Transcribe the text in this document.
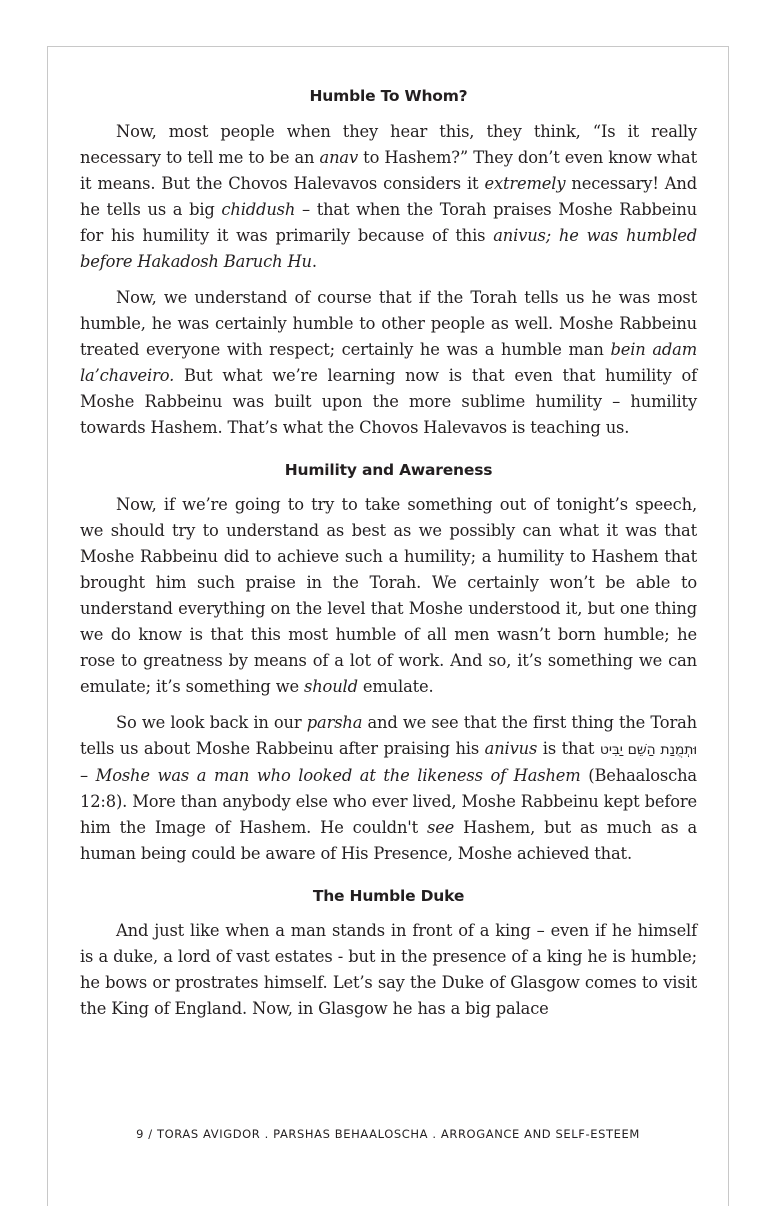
Humble To Whom?

Now, most people when they hear this, they think, “Is it really necessary to tell me to be an anav to Hashem?” They don’t even know what it means. But the Chovos Halevavos considers it extremely necessary! And he tells us a big chiddush – that when the Torah praises Moshe Rabbeinu for his humility it was primarily because of this anivus; he was humbled before Hakadosh Baruch Hu.

Now, we understand of course that if the Torah tells us he was most humble, he was certainly humble to other people as well. Moshe Rabbeinu treated everyone with respect; certainly he was a humble man bein adam la’chaveiro. But what we’re learning now is that even that humility of Moshe Rabbeinu was built upon the more sublime humility – humility towards Hashem. That’s what the Chovos Halevavos is teaching us.

Humility and Awareness

Now, if we’re going to try to take something out of tonight’s speech, we should try to understand as best as we possibly can what it was that Moshe Rabbeinu did to achieve such a humility; a humility to Hashem that brought him such praise in the Torah. We certainly won’t be able to understand everything on the level that Moshe understood it, but one thing we do know is that this most humble of all men wasn’t born humble; he rose to greatness by means of a lot of work. And so, it’s something we can emulate; it’s something we should emulate.

So we look back in our parsha and we see that the first thing the Torah tells us about Moshe Rabbeinu after praising his anivus is that וּתְמֻנַת הַשֵּׁם יַבִּיט – Moshe was a man who looked at the likeness of Hashem (Behaaloscha 12:8). More than anybody else who ever lived, Moshe Rabbeinu kept before him the Image of Hashem. He couldn't see Hashem, but as much as a human being could be aware of His Presence, Moshe achieved that.

The Humble Duke

And just like when a man stands in front of a king – even if he himself is a duke, a lord of vast estates - but in the presence of a king he is humble; he bows or prostrates himself. Let’s say the Duke of Glasgow comes to visit the King of England. Now, in Glasgow he has a big palace

9 / TORAS AVIGDOR . PARSHAS BEHAALOSCHA . ARROGANCE AND SELF-ESTEEM
